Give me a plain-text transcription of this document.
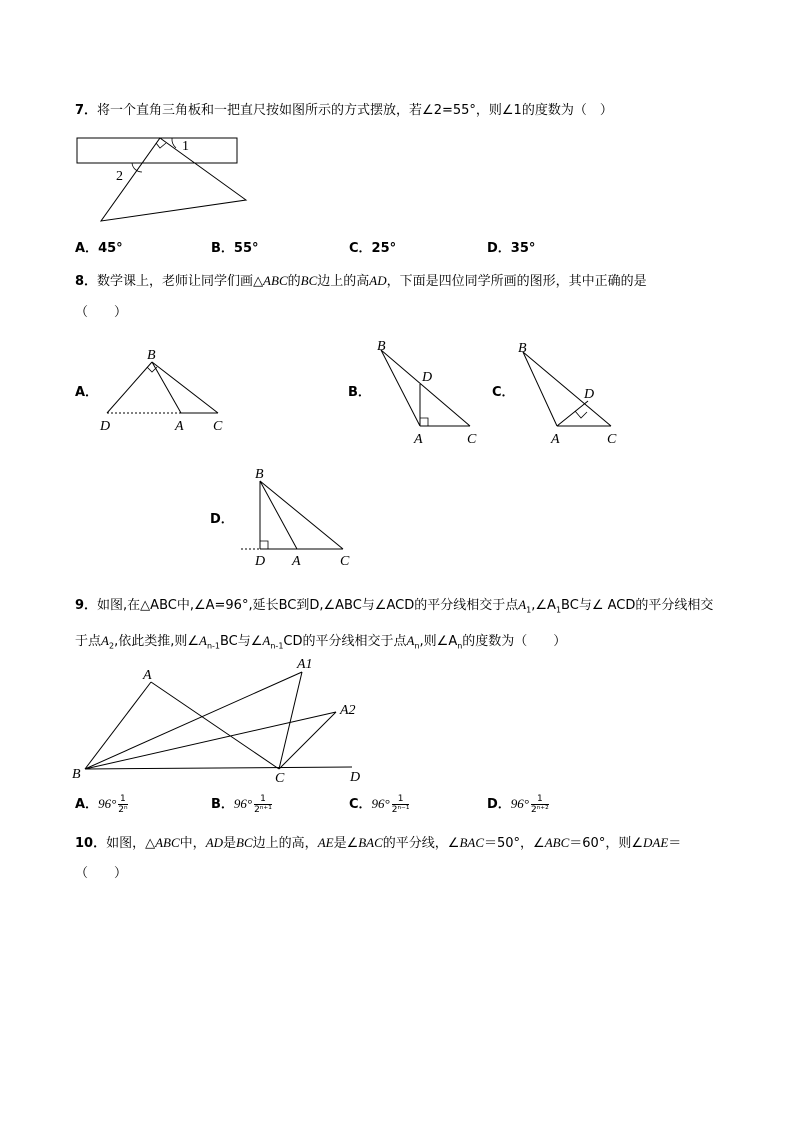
7．将一个直角三角板和一把直尺按如图所示的方式摆放，若∠2=55°，则∠1的度数为（　）
1
2
A．45°	B．55°	C．25°	D．35°
8．数学课上，老师让同学们画△ABC的BC边上的高AD，下面是四位同学所画的图形，其中正确的是
（　　）
A．	B．	C．
D．
B
D	A C
B
D
A	C
B
D
A	C
B
D A	C
9．如图,在△ABC中,∠A=96°,延长BC到D,∠ABC与∠ACD的平分线相交于点$A_1,\angle A_1BC$与∠ ACD的平分线相交
于点$A_2$,依此类推,则$\angle A_{n-1}BC$与$\angle A_{n-1}CD$的平分线相交于点$A_n$,则$\angle A_n$的度数为（　　）
A
A1
A2
B	C	D
A．$96^\circ \frac{1}{\text{2ⁿ}}$	B．$96^\circ \frac{1}{\text{2ⁿ⁺¹}}$	C．$96^\circ \frac{1}{\text{2ⁿ⁻¹}}$	D．$96^\circ \frac{1}{\text{2ⁿ⁺²}}$
10．如图，△ABC中，AD是BC边上的高，AE是∠BAC的平分线，∠BAC＝50°，∠ABC＝60°，则∠DAE＝
（　　）
